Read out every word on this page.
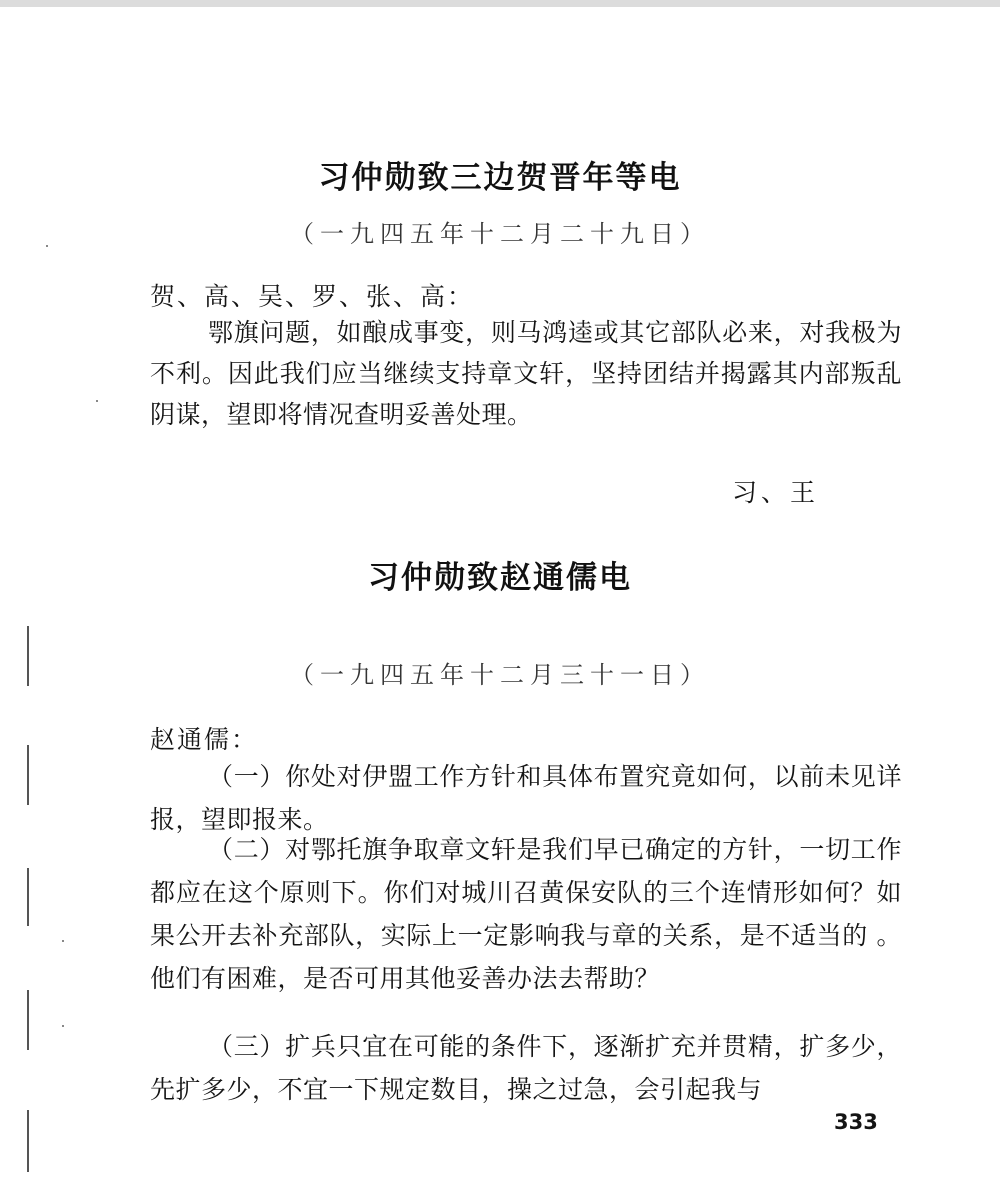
习仲勋致三边贺晋年等电
（一九四五年十二月二十九日）
贺、高、吴、罗、张、高：

鄂旗问题，如酿成事变，则马鸿逵或其它部队必来，对我极为不利。因此我们应当继续支持章文轩，坚持团结并揭露其内部叛乱阴谋，望即将情况查明妥善处理。

习、王
习仲勋致赵通儒电
（一九四五年十二月三十一日）
赵通儒：

（一）你处对伊盟工作方针和具体布置究竟如何，以前未见详报，望即报来。

（二）对鄂托旗争取章文轩是我们早已确定的方针，一切工作都应在这个原则下。你们对城川召黄保安队的三个连情形如何？如果公开去补充部队，实际上一定影响我与章的关系，是不适当的 。他们有困难，是否可用其他妥善办法去帮助？

（三）扩兵只宜在可能的条件下，逐渐扩充并贯精，扩多少，先扩多少，不宜一下规定数目，操之过急，会引起我与

333
